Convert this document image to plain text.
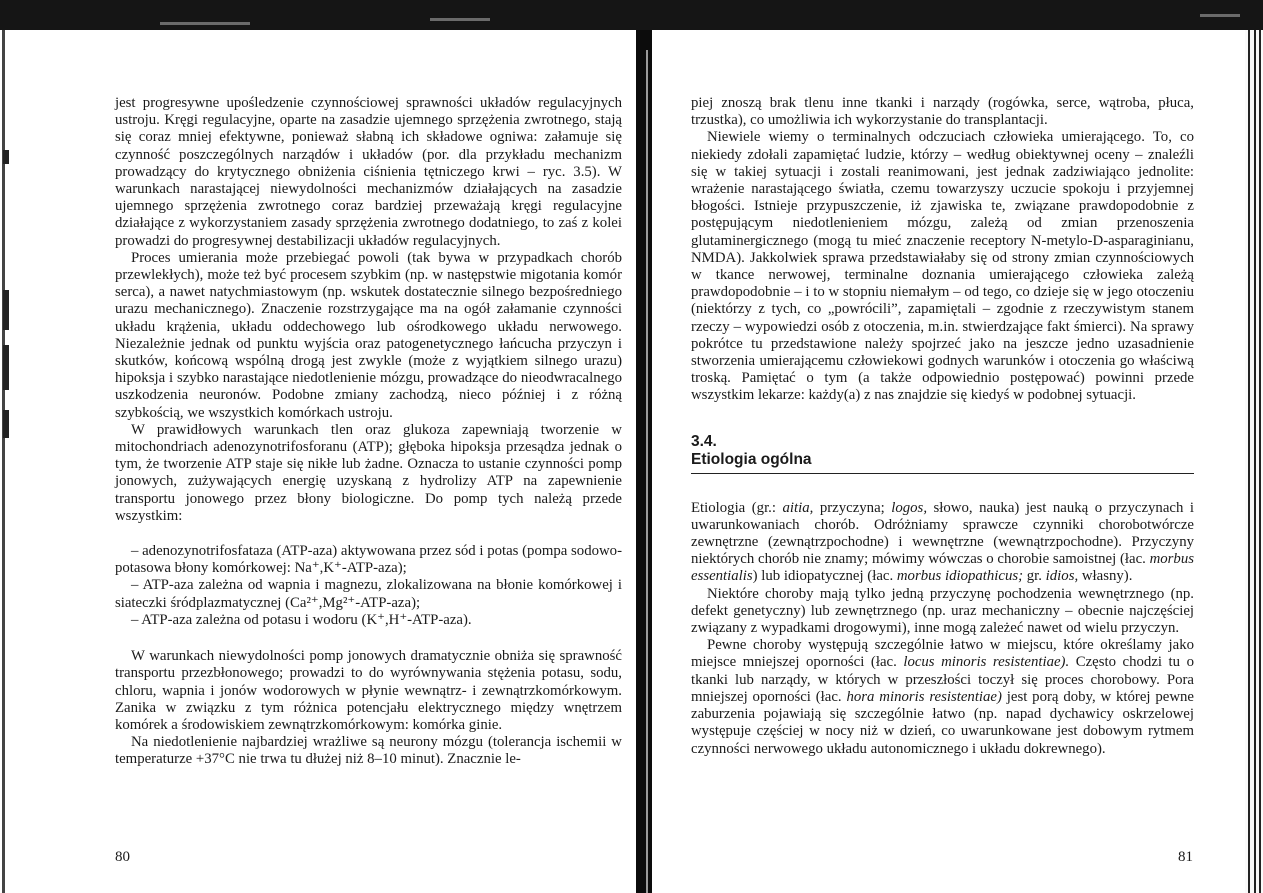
jest progresywne upośledzenie czynnościowej sprawności układów regulacyjnych ustroju. Kręgi regulacyjne, oparte na zasadzie ujemnego sprzężenia zwrotnego, stają się coraz mniej efektywne, ponieważ słabną ich składowe ogniwa: załamuje się czynność poszczególnych narządów i układów (por. dla przykładu mechanizm prowadzący do krytycznego obniżenia ciśnienia tętniczego krwi – ryc. 3.5). W warunkach narastającej niewydolności mechanizmów działających na zasadzie ujemnego sprzężenia zwrotnego coraz bardziej przeważają kręgi regulacyjne działające z wykorzystaniem zasady sprzężenia zwrotnego dodatniego, to zaś z kolei prowadzi do progresywnej destabilizacji układów regulacyjnych.

Proces umierania może przebiegać powoli (tak bywa w przypadkach chorób przewlekłych), może też być procesem szybkim (np. w następstwie migotania komór serca), a nawet natychmiastowym (np. wskutek dostatecznie silnego bezpośredniego urazu mechanicznego). Znaczenie rozstrzygające ma na ogół załamanie czynności układu krążenia, układu oddechowego lub ośrodkowego układu nerwowego. Niezależnie jednak od punktu wyjścia oraz patogenetycznego łańcucha przyczyn i skutków, końcową wspólną drogą jest zwykle (może z wyjątkiem silnego urazu) hipoksja i szybko narastające niedotlenienie mózgu, prowadzące do nieodwracalnego uszkodzenia neuronów. Podobne zmiany zachodzą, nieco później i z różną szybkością, we wszystkich komórkach ustroju.

W prawidłowych warunkach tlen oraz glukoza zapewniają tworzenie w mitochondriach adenozynotrifosforanu (ATP); głęboka hipoksja przesądza jednak o tym, że tworzenie ATP staje się nikłe lub żadne. Oznacza to ustanie czynności pomp jonowych, zużywających energię uzyskaną z hydrolizy ATP na zapewnienie transportu jonowego przez błony biologiczne. Do pomp tych należą przede wszystkim:

– adenozynotrifosfataza (ATP-aza) aktywowana przez sód i potas (pompa sodowo-potasowa błony komórkowej: Na⁺,K⁺-ATP-aza);

– ATP-aza zależna od wapnia i magnezu, zlokalizowana na błonie komórkowej i siateczki śródplazmatycznej (Ca²⁺,Mg²⁺-ATP-aza);

– ATP-aza zależna od potasu i wodoru (K⁺,H⁺-ATP-aza).

W warunkach niewydolności pomp jonowych dramatycznie obniża się sprawność transportu przezbłonowego; prowadzi to do wyrównywania stężenia potasu, sodu, chloru, wapnia i jonów wodorowych w płynie wewnątrz- i zewnątrzkomórkowym. Zanika w związku z tym różnica potencjału elektrycznego między wnętrzem komórek a środowiskiem zewnątrzkomórkowym: komórka ginie.

Na niedotlenienie najbardziej wrażliwe są neurony mózgu (tolerancja ischemii w temperaturze +37°C nie trwa tu dłużej niż 8–10 minut). Znacznie le-

80

piej znoszą brak tlenu inne tkanki i narządy (rogówka, serce, wątroba, płuca, trzustka), co umożliwia ich wykorzystanie do transplantacji.

Niewiele wiemy o terminalnych odczuciach człowieka umierającego. To, co niekiedy zdołali zapamiętać ludzie, którzy – według obiektywnej oceny – znaleźli się w takiej sytuacji i zostali reanimowani, jest jednak zadziwiająco jednolite: wrażenie narastającego światła, czemu towarzyszy uczucie spokoju i przyjemnej błogości. Istnieje przypuszczenie, iż zjawiska te, związane prawdopodobnie z postępującym niedotlenieniem mózgu, zależą od zmian przenoszenia glutaminergicznego (mogą tu mieć znaczenie receptory N-metylo-D-asparaginianu, NMDA). Jakkolwiek sprawa przedstawiałaby się od strony zmian czynnościowych w tkance nerwowej, terminalne doznania umierającego człowieka zależą prawdopodobnie – i to w stopniu niemałym – od tego, co dzieje się w jego otoczeniu (niektórzy z tych, co „powrócili”, zapamiętali – zgodnie z rzeczywistym stanem rzeczy – wypowiedzi osób z otoczenia, m.in. stwierdzające fakt śmierci). Na sprawy pokrótce tu przedstawione należy spojrzeć jako na jeszcze jedno uzasadnienie stworzenia umierającemu człowiekowi godnych warunków i otoczenia go właściwą troską. Pamiętać o tym (a także odpowiednio postępować) powinni przede wszystkim lekarze: każdy(a) z nas znajdzie się kiedyś w podobnej sytuacji.

3.4.
Etiologia ogólna

Etiologia (gr.: aitia, przyczyna; logos, słowo, nauka) jest nauką o przyczynach i uwarunkowaniach chorób. Odróżniamy sprawcze czynniki chorobotwórcze zewnętrzne (zewnątrzpochodne) i wewnętrzne (wewnątrzpochodne). Przyczyny niektórych chorób nie znamy; mówimy wówczas o chorobie samoistnej (łac. morbus essentialis) lub idiopatycznej (łac. morbus idiopathicus; gr. idios, własny).

Niektóre choroby mają tylko jedną przyczynę pochodzenia wewnętrznego (np. defekt genetyczny) lub zewnętrznego (np. uraz mechaniczny – obecnie najczęściej związany z wypadkami drogowymi), inne mogą zależeć nawet od wielu przyczyn.

Pewne choroby występują szczególnie łatwo w miejscu, które określamy jako miejsce mniejszej oporności (łac. locus minoris resistentiae). Często chodzi tu o tkanki lub narządy, w których w przeszłości toczył się proces chorobowy. Pora mniejszej oporności (łac. hora minoris resistentiae) jest porą doby, w której pewne zaburzenia pojawiają się szczególnie łatwo (np. napad dychawicy oskrzelowej występuje częściej w nocy niż w dzień, co uwarunkowane jest dobowym rytmem czynności nerwowego układu autonomicznego i układu dokrewnego).

81
